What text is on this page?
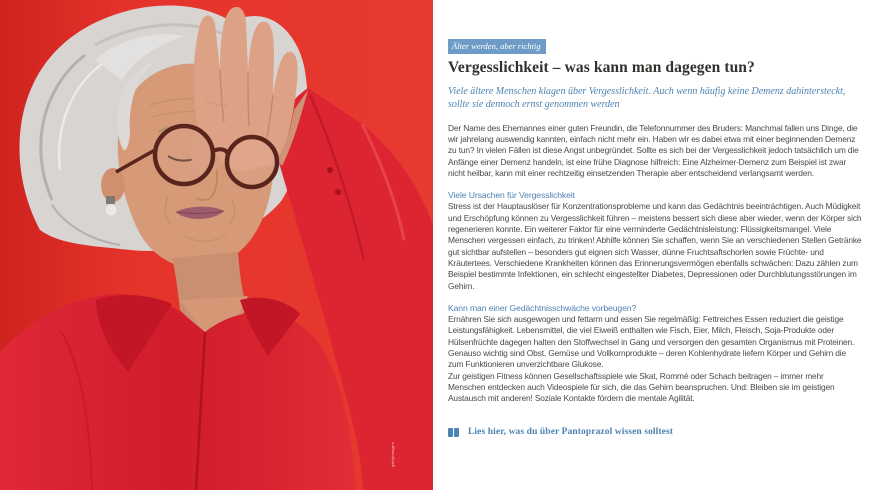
gettyimages
Älter werden, aber richtig
Vergesslichkeit – was kann man dagegen tun?

Viele ältere Menschen klagen über Vergesslichkeit. Auch wenn häufig keine Demenz dahintersteckt, sollte sie dennoch ernst genommen werden

Der Name des Ehemannes einer guten Freundin, die Telefonnummer des Bruders: Manchmal fallen uns Dinge, die wir jahrelang auswendig kannten, einfach nicht mehr ein. Haben wir es dabei etwa mit einer beginnenden Demenz zu tun? In vielen Fällen ist diese Angst unbegründet. Sollte es sich bei der Vergesslichkeit jedoch tatsächlich um die Anfänge einer Demenz handeln, ist eine frühe Diagnose hilfreich: Eine Alzheimer-Demenz zum Beispiel ist zwar nicht heilbar, kann mit einer rechtzeitig einsetzenden Therapie aber entscheidend verlangsamt werden.

Viele Ursachen für Vergesslichkeit

Stress ist der Hauptauslöser für Konzentrationsprobleme und kann das Gedächtnis beeinträchtigen. Auch Müdigkeit und Erschöpfung können zu Vergesslichkeit führen – meistens bessert sich diese aber wieder, wenn der Körper sich regenerieren konnte. Ein weiterer Faktor für eine verminderte Gedächtnisleistung: Flüssigkeitsmangel. Viele Menschen vergessen einfach, zu trinken! Abhilfe können Sie schaffen, wenn Sie an verschiedenen Stellen Getränke gut sichtbar aufstellen – besonders gut eignen sich Wasser, dünne Fruchtsaftschorlen sowie Früchte- und Kräutertees. Verschiedene Krankheiten können das Erinnerungsvermögen ebenfalls schwächen: Dazu zählen zum Beispiel bestimmte Infektionen, ein schlecht eingestellter Diabetes, Depressionen oder Durchblutungsstörungen im Gehirn.

Kann man einer Gedächtnisschwäche vorbeugen?

Ernähren Sie sich ausgewogen und fettarm und essen Sie regelmäßig: Fettreiches Essen reduziert die geistige Leistungsfähigkeit. Lebensmittel, die viel Eiweiß enthalten wie Fisch, Eier, Milch, Fleisch, Soja-Produkte oder Hülsenfrüchte dagegen halten den Stoffwechsel in Gang und versorgen den gesamten Organismus mit Proteinen. Genauso wichtig sind Obst, Gemüse und Vollkornprodukte – deren Kohlenhydrate liefern Körper und Gehirn die zum Funktionieren unverzichtbare Glukose.

Zur geistigen Fitness können Gesellschaftsspiele wie Skat, Rommé oder Schach beitragen – immer mehr Menschen entdecken auch Videospiele für sich, die das Gehirn beanspruchen. Und: Bleiben sie im geistigen Austausch mit anderen! Soziale Kontakte fördern die mentale Agilität.

Lies hier, was du über Pantoprazol wissen solltest
